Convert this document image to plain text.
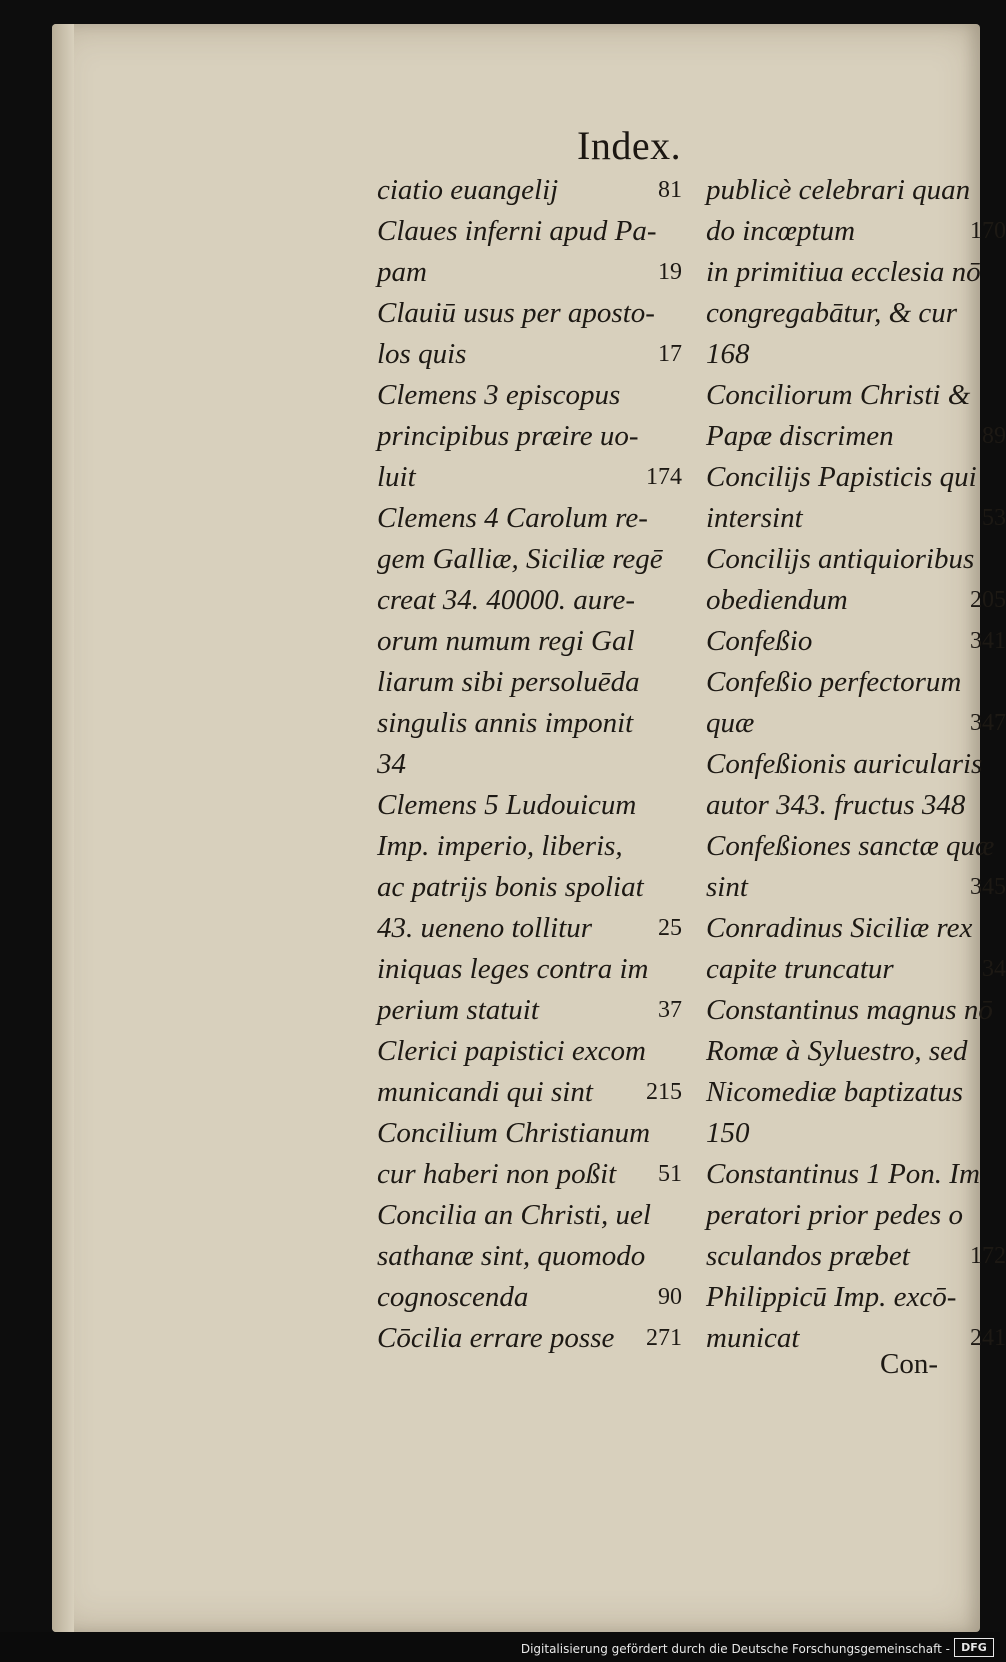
Index.
ciatio euangelij	81
Claues inferni apud Pa-
pam	19
Clauiū usus per aposto-
los quis	17
Clemens 3 episcopus
principibus præire uo-
luit	174
Clemens 4 Carolum re-
gem Galliæ, Siciliæ regē
creat 34. 40000. aure-
orum numum regi Gal
liarum sibi persoluēda
singulis annis imponit
34
Clemens 5 Ludouicum
Imp. imperio, liberis,
ac patrijs bonis spoliat
43. ueneno tollitur	25
iniquas leges contra im
perium statuit	37
Clerici papistici excom
municandi qui sint 215
Concilium Christianum
cur haberi non poßit 51
Concilia an Christi, uel
sathanæ sint, quomodo
cognoscenda	90
Cōcilia errare posse 271
publicè celebrari quan
do incœptum	170
in primitiua ecclesia nō
congregabātur, & cur
168
Conciliorum Christi &
Papæ discrimen	89
Concilijs Papisticis qui
intersint	53
Concilijs antiquioribus
obediendum	205
Confeßio	341
Confeßio perfectorum
quæ	347
Confeßionis auricularis
autor 343. fructus 348
Confeßiones sanctæ quæ
sint	345
Conradinus Siciliæ rex
capite truncatur	34
Constantinus magnus nō
Romæ à Syluestro, sed
Nicomediæ baptizatus
150
Constantinus 1 Pon. Im
peratori prior pedes o
sculandos præbet	172
Philippicū Imp. excō-
municat	241
Con-
Digitalisierung gefördert durch die Deutsche Forschungsgemeinschaft -	DFG
